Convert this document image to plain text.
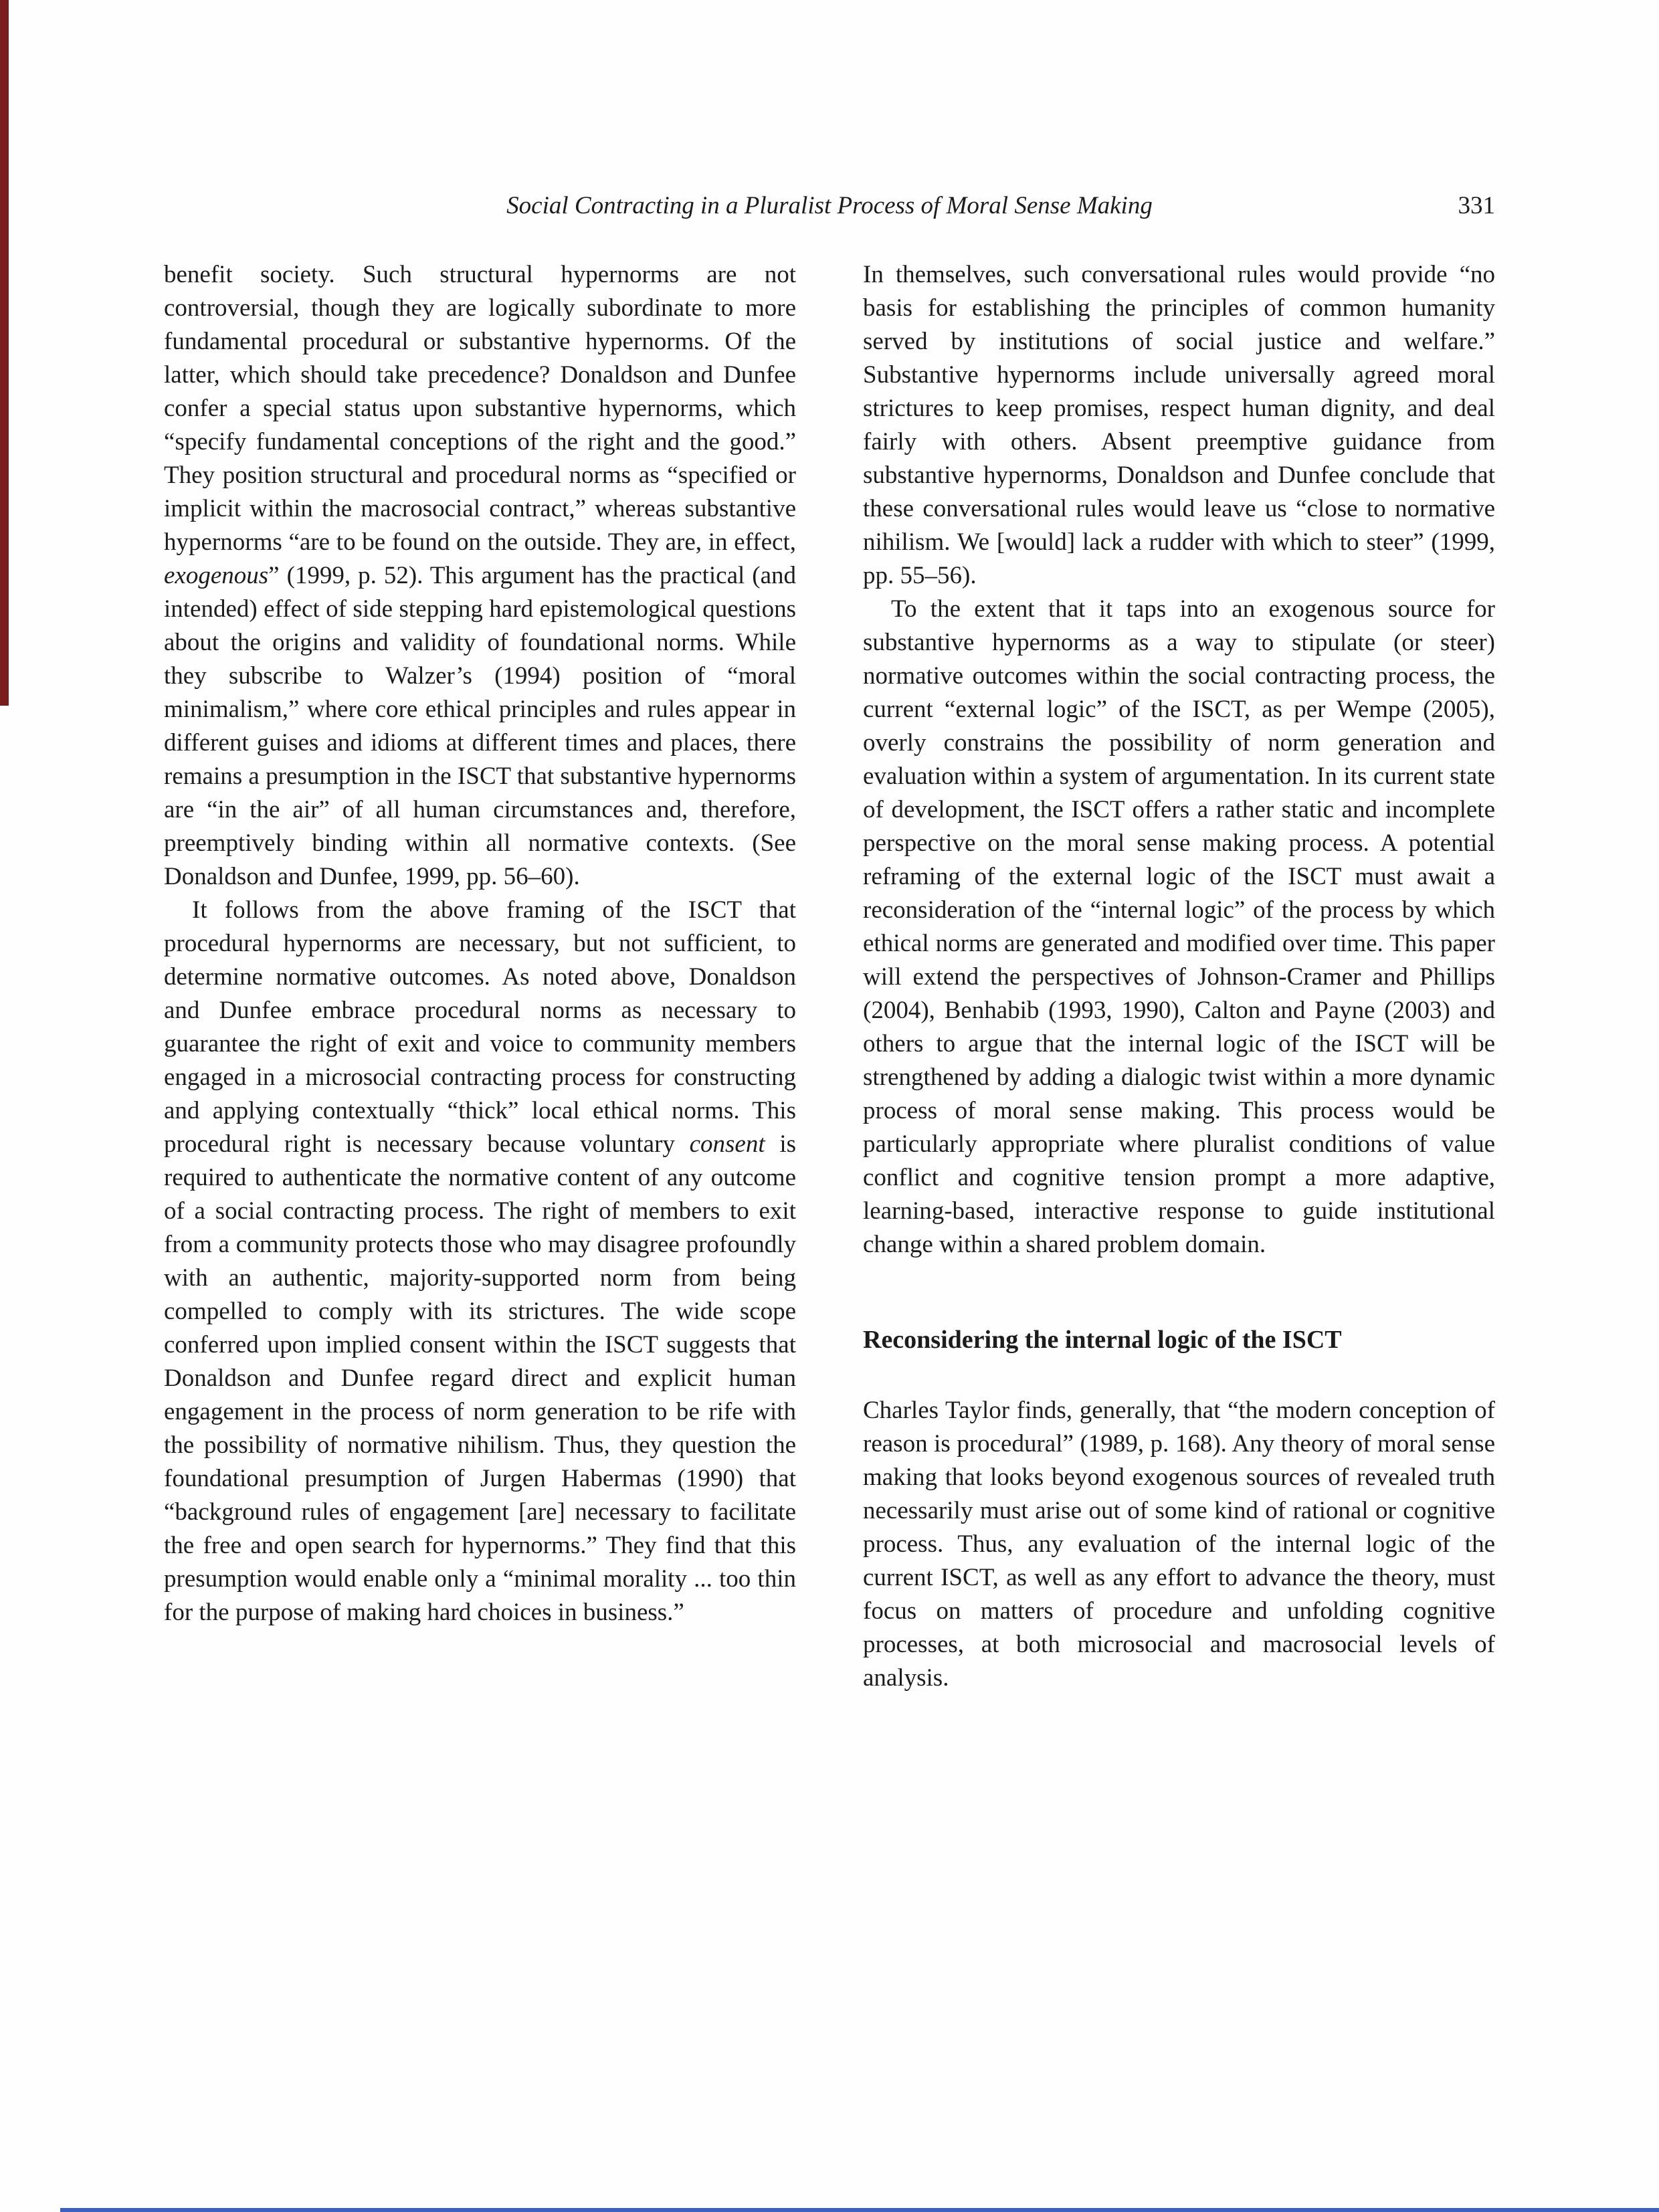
Social Contracting in a Pluralist Process of Moral Sense Making	331

benefit society. Such structural hypernorms are not controversial, though they are logically subordinate to more fundamental procedural or substantive hypernorms. Of the latter, which should take precedence? Donaldson and Dunfee confer a special status upon substantive hypernorms, which “specify fundamental conceptions of the right and the good.” They position structural and procedural norms as “specified or implicit within the macrosocial contract,” whereas substantive hypernorms “are to be found on the outside. They are, in effect, exogenous” (1999, p. 52). This argument has the practical (and intended) effect of side stepping hard epistemological questions about the origins and validity of foundational norms. While they subscribe to Walzer’s (1994) position of “moral minimalism,” where core ethical principles and rules appear in different guises and idioms at different times and places, there remains a presumption in the ISCT that substantive hypernorms are “in the air” of all human circumstances and, therefore, preemptively binding within all normative contexts. (See Donaldson and Dunfee, 1999, pp. 56–60).

It follows from the above framing of the ISCT that procedural hypernorms are necessary, but not sufficient, to determine normative outcomes. As noted above, Donaldson and Dunfee embrace procedural norms as necessary to guarantee the right of exit and voice to community members engaged in a microsocial contracting process for constructing and applying contextually “thick” local ethical norms. This procedural right is necessary because voluntary consent is required to authenticate the normative content of any outcome of a social contracting process. The right of members to exit from a community protects those who may disagree profoundly with an authentic, majority-supported norm from being compelled to comply with its strictures. The wide scope conferred upon implied consent within the ISCT suggests that Donaldson and Dunfee regard direct and explicit human engagement in the process of norm generation to be rife with the possibility of normative nihilism. Thus, they question the foundational presumption of Jurgen Habermas (1990) that “background rules of engagement [are] necessary to facilitate the free and open search for hypernorms.” They find that this presumption would enable only a “minimal morality ... too thin for the purpose of making hard choices in business.”

In themselves, such conversational rules would provide “no basis for establishing the principles of common humanity served by institutions of social justice and welfare.” Substantive hypernorms include universally agreed moral strictures to keep promises, respect human dignity, and deal fairly with others. Absent preemptive guidance from substantive hypernorms, Donaldson and Dunfee conclude that these conversational rules would leave us “close to normative nihilism. We [would] lack a rudder with which to steer” (1999, pp. 55–56).

To the extent that it taps into an exogenous source for substantive hypernorms as a way to stipulate (or steer) normative outcomes within the social contracting process, the current “external logic” of the ISCT, as per Wempe (2005), overly constrains the possibility of norm generation and evaluation within a system of argumentation. In its current state of development, the ISCT offers a rather static and incomplete perspective on the moral sense making process. A potential reframing of the external logic of the ISCT must await a reconsideration of the “internal logic” of the process by which ethical norms are generated and modified over time. This paper will extend the perspectives of Johnson-Cramer and Phillips (2004), Benhabib (1993, 1990), Calton and Payne (2003) and others to argue that the internal logic of the ISCT will be strengthened by adding a dialogic twist within a more dynamic process of moral sense making. This process would be particularly appropriate where pluralist conditions of value conflict and cognitive tension prompt a more adaptive, learning-based, interactive response to guide institutional change within a shared problem domain.

Reconsidering the internal logic of the ISCT

Charles Taylor finds, generally, that “the modern conception of reason is procedural” (1989, p. 168). Any theory of moral sense making that looks beyond exogenous sources of revealed truth necessarily must arise out of some kind of rational or cognitive process. Thus, any evaluation of the internal logic of the current ISCT, as well as any effort to advance the theory, must focus on matters of procedure and unfolding cognitive processes, at both microsocial and macrosocial levels of analysis.
